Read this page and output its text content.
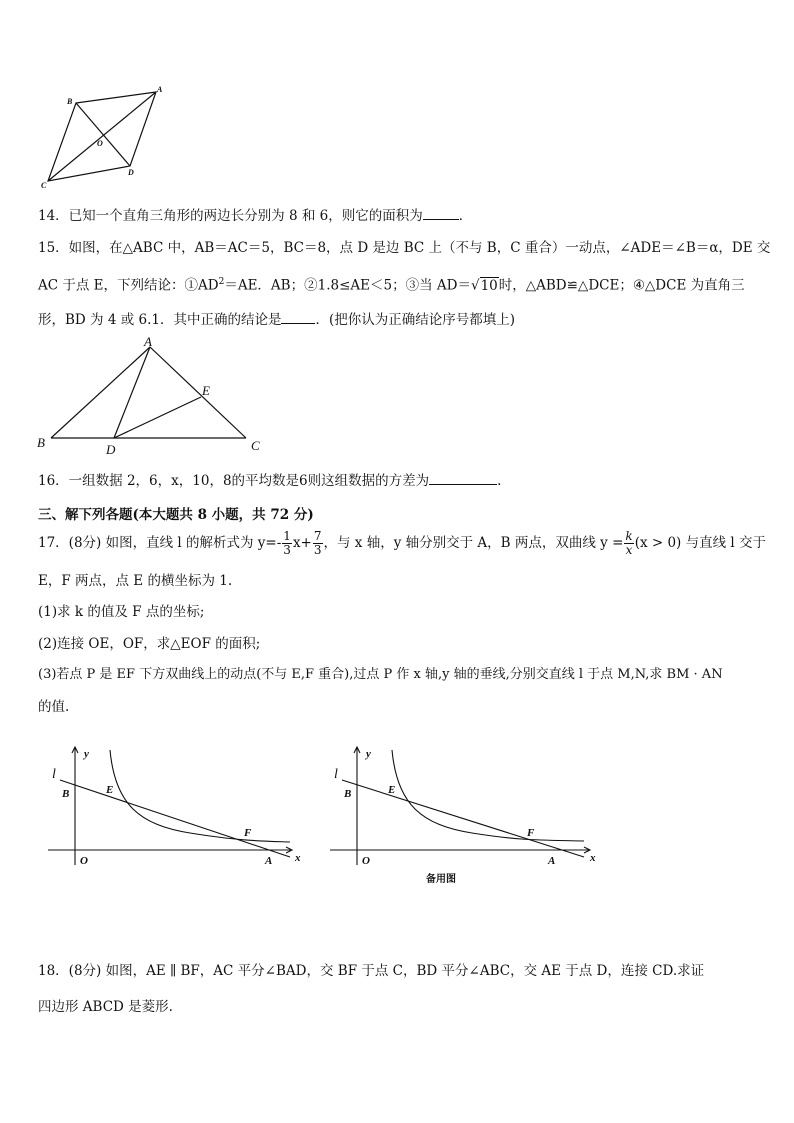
A
B
C
D
O
14．已知一个直角三角形的两边长分别为 8 和 6，则它的面积为	．
15．如图，在△ABC 中，AB＝AC＝5，BC＝8，点 D 是边 BC 上（不与 B，C 重合）一动点，∠ADE＝∠B＝α，DE 交
AC 于点 E，下列结论：$①AD^2=AE$．AB；②1.8≤AE＜5；③当 AD＝√10时，△ABD≌△DCE；④△DCE 为直角三
形，BD 为 4 或 6.1．其中正确的结论是	．(把你认为正确结论序号都填上)
A
B	C
D
E
16．一组数据 2，6，x，10，8的平均数是6则这组数据的方差为	.
三、解下列各题(本大题共 8 小题，共 72 分)
17．(8分) 如图，直线 l 的解析式为 $y=- \frac{1}{3} x+ \frac{7}{3}$ ，与 x 轴，y 轴分别交于 A，B 两点，双曲线 $y = \frac{k}{x} (x > 0)$ 与直线 l 交于
E，F 两点，点 E 的横坐标为 1.
(1)求 k 的值及 F 点的坐标;
(2)连接 OE，OF，求△EOF 的面积;
(3)若点 P 是 EF 下方双曲线上的动点(不与 E,F 重合),过点 P 作 x 轴,y 轴的垂线,分别交直线 l 于点 M,N,求 BM · AN
的值.
l
y
x
B	E
F
O	A
l
y
x
B	E
F
O	A
备用图
18．(8分) 如图，AE ∥ BF，AC 平分∠BAD，交 BF 于点 C，BD 平分∠ABC，交 AE 于点 D，连接 CD.求证
四边形 ABCD 是菱形.
